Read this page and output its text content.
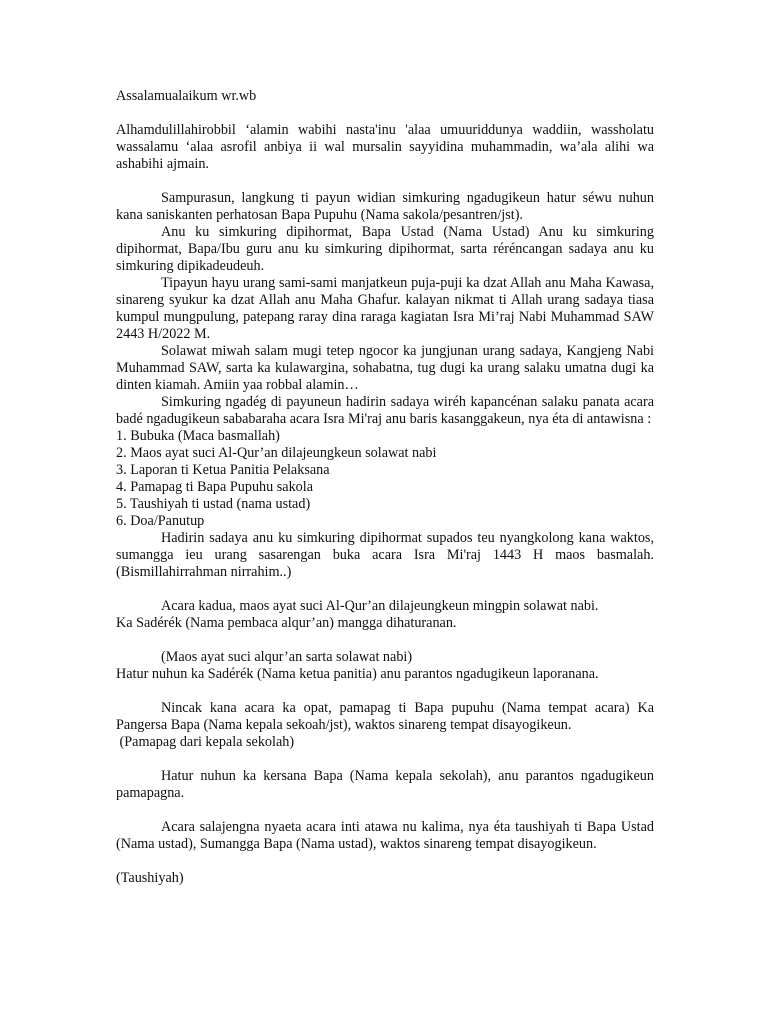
Assalamualaikum wr.wb

Alhamdulillahirobbil ‘alamin wabihi nasta'inu 'alaa umuuriddunya waddiin, wassholatu wassalamu ‘alaa asrofil anbiya ii wal mursalin sayyidina muhammadin, wa’ala alihi wa ashabihi ajmain.

Sampurasun, langkung ti payun widian simkuring ngadugikeun hatur séwu nuhun kana saniskanten perhatosan Bapa Pupuhu (Nama sakola/pesantren/jst).

Anu ku simkuring dipihormat, Bapa Ustad (Nama Ustad) Anu ku simkuring dipihormat, Bapa/Ibu guru anu ku simkuring dipihormat, sarta réréncangan sadaya anu ku simkuring dipikadeudeuh.

Tipayun hayu urang sami-sami manjatkeun puja-puji ka dzat Allah anu Maha Kawasa, sinareng syukur ka dzat Allah anu Maha Ghafur. kalayan nikmat ti Allah urang sadaya tiasa kumpul mungpulung, patepang raray dina raraga kagiatan Isra Mi’raj Nabi Muhammad SAW 2443 H/2022 M.

Solawat miwah salam mugi tetep ngocor ka jungjunan urang sadaya, Kangjeng Nabi Muhammad SAW, sarta ka kulawargina, sohabatna, tug dugi ka urang salaku umatna dugi ka dinten kiamah. Amiin yaa robbal alamin…

Simkuring ngadég di payuneun hadirin sadaya wiréh kapancénan salaku panata acara badé ngadugikeun sababaraha acara Isra Mi'raj anu baris kasanggakeun, nya éta di antawisna :

1. Bubuka (Maca basmallah)

2. Maos ayat suci Al-Qur’an dilajeungkeun solawat nabi

3. Laporan ti Ketua Panitia Pelaksana

4. Pamapag ti Bapa Pupuhu sakola

5. Taushiyah ti ustad (nama ustad)

6. Doa/Panutup

Hadirin sadaya anu ku simkuring dipihormat supados teu nyangkolong kana waktos, sumangga ieu urang sasarengan buka acara Isra Mi'raj 1443 H maos basmalah. (Bismillahirrahman nirrahim..)

Acara kadua, maos ayat suci Al-Qur’an dilajeungkeun mingpin solawat nabi.

Ka Sadérék (Nama pembaca alqur’an) mangga dihaturanan.

(Maos ayat suci alqur’an sarta solawat nabi)

Hatur nuhun ka Sadérék (Nama ketua panitia) anu parantos ngadugikeun laporanana.

Nincak kana acara ka opat, pamapag ti Bapa pupuhu (Nama tempat acara) Ka Pangersa Bapa (Nama kepala sekoah/jst), waktos sinareng tempat disayogikeun.

(Pamapag dari kepala sekolah)

Hatur nuhun ka kersana Bapa (Nama kepala sekolah), anu parantos ngadugikeun pamapagna.

Acara salajengna nyaeta acara inti atawa nu kalima, nya éta taushiyah ti Bapa Ustad (Nama ustad), Sumangga Bapa (Nama ustad), waktos sinareng tempat disayogikeun.

(Taushiyah)
